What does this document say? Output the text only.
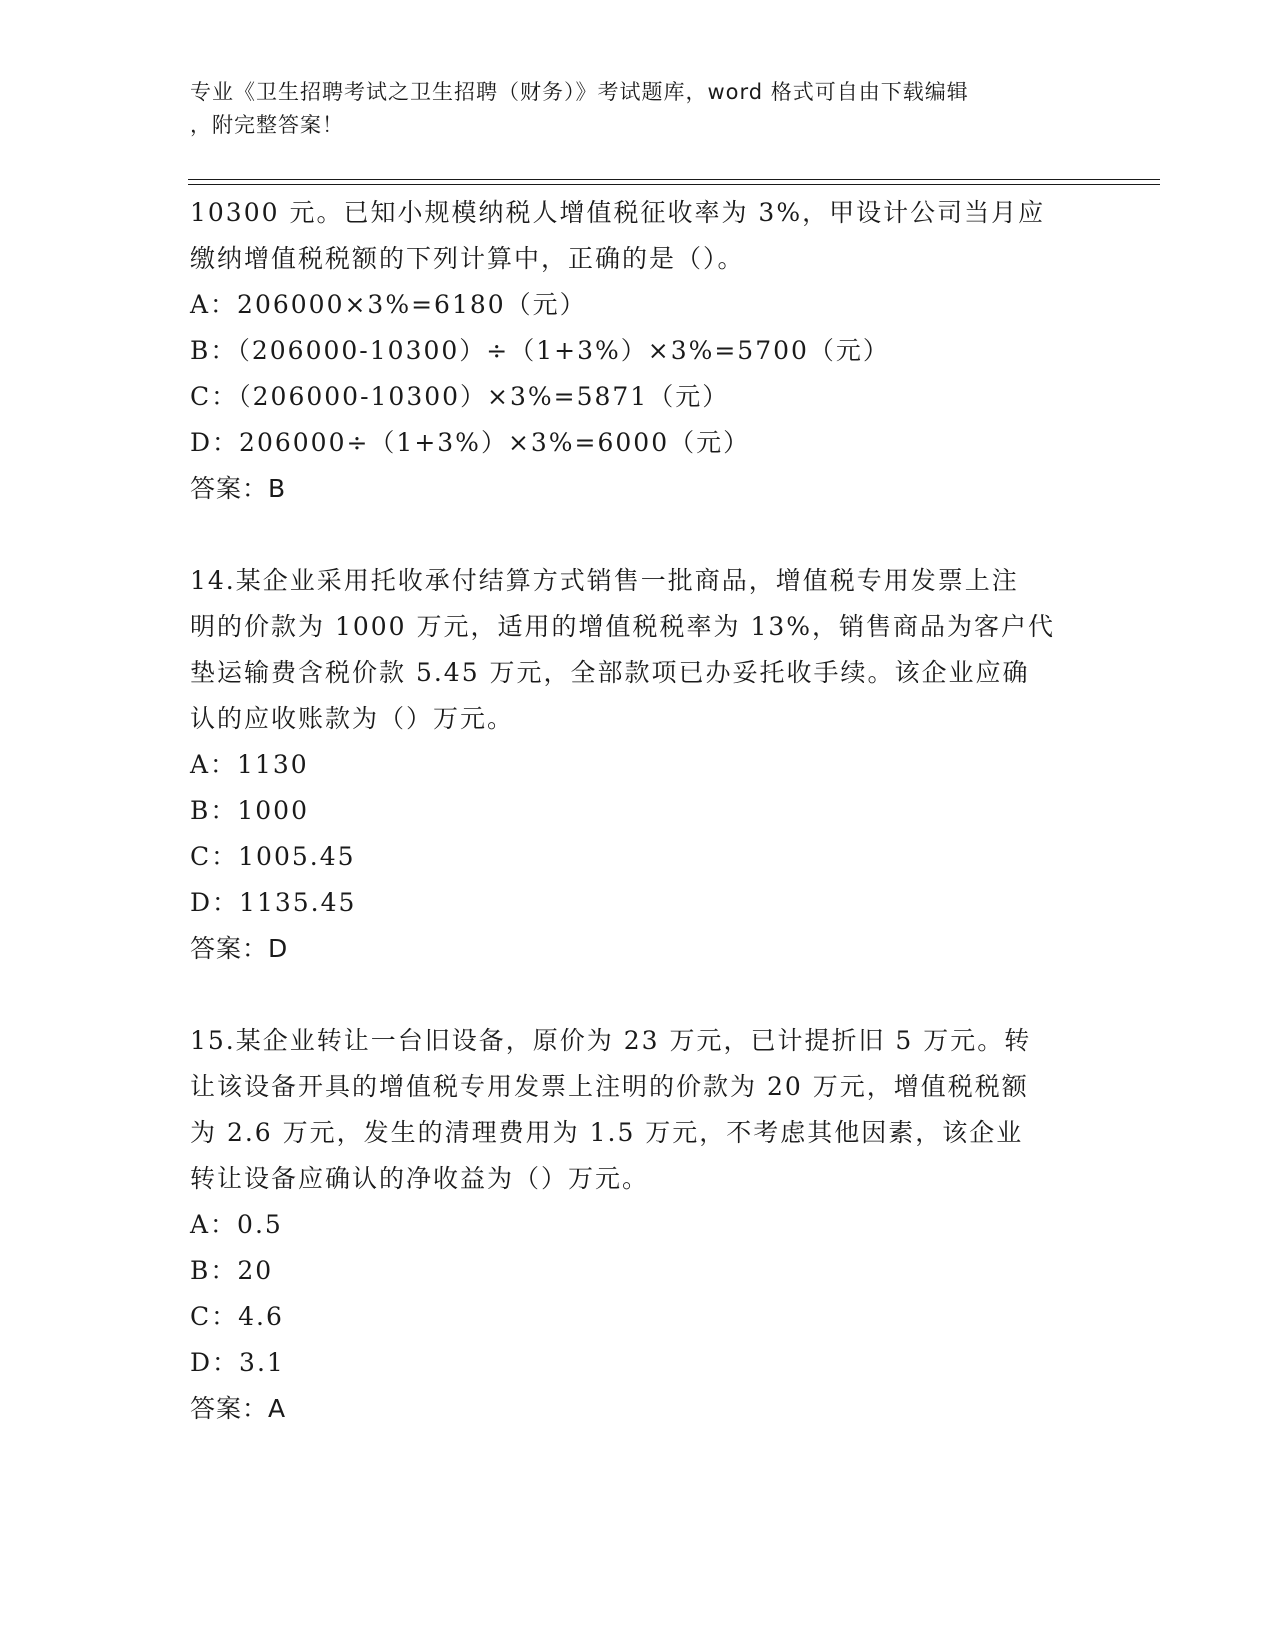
专业《卫生招聘考试之卫生招聘（财务）》考试题库，word 格式可自由下载编辑
，附完整答案！
10300 元。已知小规模纳税人增值税征收率为 3%，甲设计公司当月应
缴纳增值税税额的下列计算中，正确的是（）。
A：206000×3%=6180（元）
B：（206000-10300）÷（1+3%）×3%=5700（元）
C：（206000-10300）×3%=5871（元）
D：206000÷（1+3%）×3%=6000（元）
答案：B
14.某企业采用托收承付结算方式销售一批商品，增值税专用发票上注
明的价款为 1000 万元，适用的增值税税率为 13%，销售商品为客户代
垫运输费含税价款 5.45 万元，全部款项已办妥托收手续。该企业应确
认的应收账款为（）万元。
A：1130
B：1000
C：1005.45
D：1135.45
答案：D
15.某企业转让一台旧设备，原价为 23 万元，已计提折旧 5 万元。转
让该设备开具的增值税专用发票上注明的价款为 20 万元，增值税税额
为 2.6 万元，发生的清理费用为 1.5 万元，不考虑其他因素，该企业
转让设备应确认的净收益为（）万元。
A：0.5
B：20
C：4.6
D：3.1
答案：A
